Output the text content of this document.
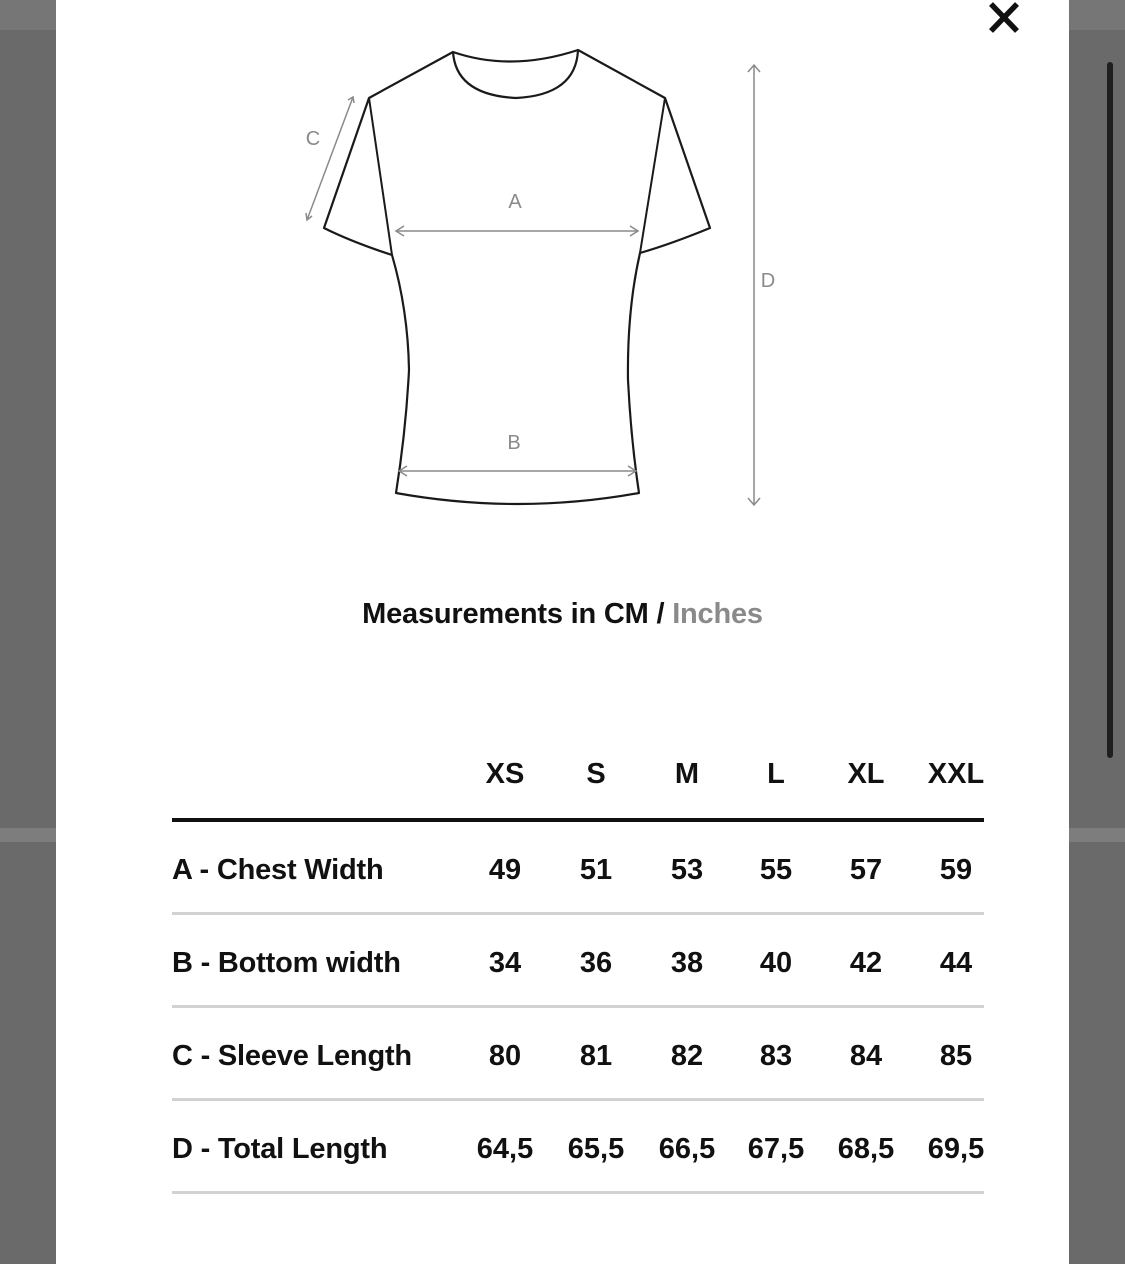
A
B
C
D
Measurements in CM / Inches
XS	S	M	L	XL	XXL
A - Chest Width	49	51	53	55	57	59
B - Bottom width	34	36	38	40	42	44
C - Sleeve Length	80	81	82	83	84	85
D - Total Length	64,5	65,5	66,5	67,5	68,5	69,5
